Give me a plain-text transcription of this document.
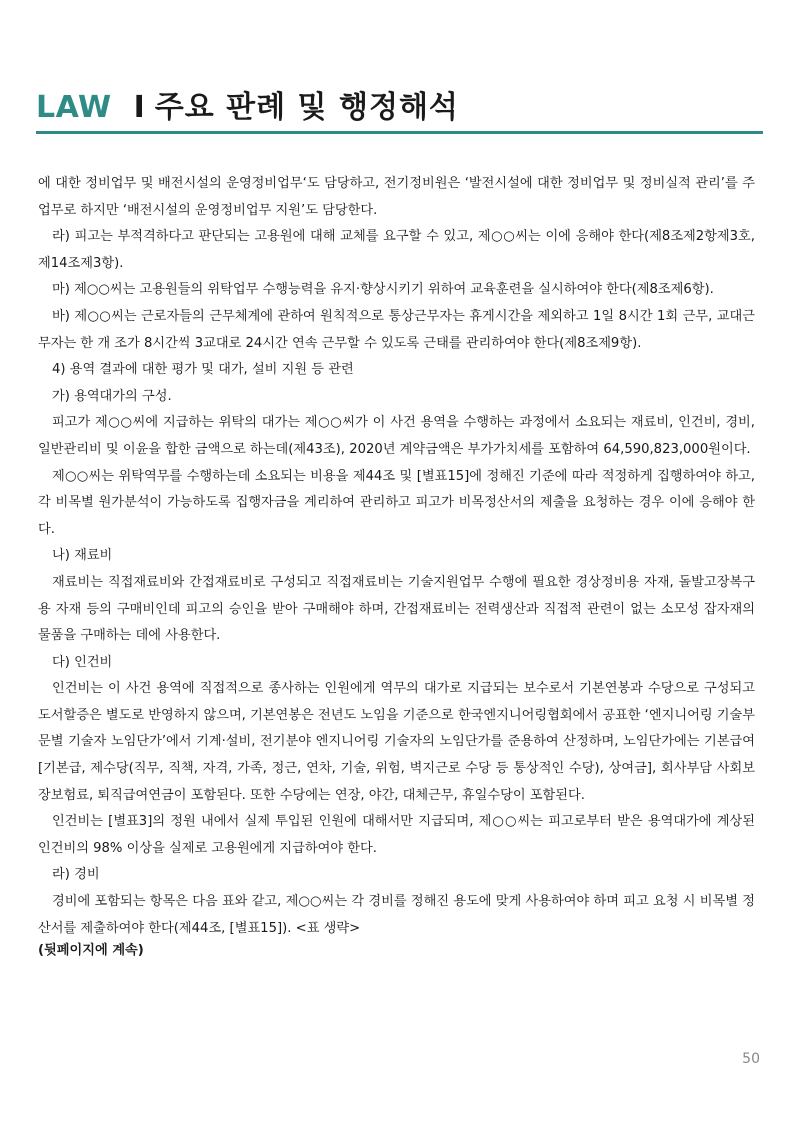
LAW I 주요 판례 및 행정해석

에 대한 정비업무 및 배전시설의 운영정비업무‘도 담당하고, 전기정비원은 ‘발전시설에 대한 정비업무 및 정비실적 관리’를 주 업무로 하지만 ‘배전시설의 운영정비업무 지원’도 담당한다.

라) 피고는 부적격하다고 판단되는 고용원에 대해 교체를 요구할 수 있고, 제○○씨는 이에 응해야 한다(제8조제2항제3호, 제14조제3항).

마) 제○○씨는 고용원들의 위탁업무 수행능력을 유지·향상시키기 위하여 교육훈련을 실시하여야 한다(제8조제6항).

바) 제○○씨는 근로자들의 근무체계에 관하여 원칙적으로 통상근무자는 휴게시간을 제외하고 1일 8시간 1회 근무, 교대근무자는 한 개 조가 8시간씩 3교대로 24시간 연속 근무할 수 있도록 근태를 관리하여야 한다(제8조제9항).

4) 용역 결과에 대한 평가 및 대가, 설비 지원 등 관련

가) 용역대가의 구성.

피고가 제○○씨에 지급하는 위탁의 대가는 제○○씨가 이 사건 용역을 수행하는 과정에서 소요되는 재료비, 인건비, 경비, 일반관리비 및 이윤을 합한 금액으로 하는데(제43조), 2020년 계약금액은 부가가치세를 포함하여 64,590,823,000원이다.

제○○씨는 위탁역무를 수행하는데 소요되는 비용을 제44조 및 [별표15]에 정해진 기준에 따라 적정하게 집행하여야 하고, 각 비목별 원가분석이 가능하도록 집행자금을 계리하여 관리하고 피고가 비목정산서의 제출을 요청하는 경우 이에 응해야 한다.

나) 재료비

재료비는 직접재료비와 간접재료비로 구성되고 직접재료비는 기술지원업무 수행에 필요한 경상정비용 자재, 돌발고장복구용 자재 등의 구매비인데 피고의 승인을 받아 구매해야 하며, 간접재료비는 전력생산과 직접적 관련이 없는 소모성 잡자재의 물품을 구매하는 데에 사용한다.

다) 인건비

인건비는 이 사건 용역에 직접적으로 종사하는 인원에게 역무의 대가로 지급되는 보수로서 기본연봉과 수당으로 구성되고 도서할증은 별도로 반영하지 않으며, 기본연봉은 전년도 노임을 기준으로 한국엔지니어링협회에서 공표한 ‘엔지니어링 기술부문별 기술자 노임단가’에서 기계·설비, 전기분야 엔지니어링 기술자의 노임단가를 준용하여 산정하며, 노임단가에는 기본급여[기본급, 제수당(직무, 직책, 자격, 가족, 정근, 연차, 기술, 위험, 벽지근로 수당 등 통상적인 수당), 상여금], 회사부담 사회보장보험료, 퇴직급여연금이 포함된다. 또한 수당에는 연장, 야간, 대체근무, 휴일수당이 포함된다.

인건비는 [별표3]의 정원 내에서 실제 투입된 인원에 대해서만 지급되며, 제○○씨는 피고로부터 받은 용역대가에 계상된 인건비의 98% 이상을 실제로 고용원에게 지급하여야 한다.

라) 경비

경비에 포함되는 항목은 다음 표와 같고, 제○○씨는 각 경비를 정해진 용도에 맞게 사용하여야 하며 피고 요청 시 비목별 정산서를 제출하여야 한다(제44조, [별표15]). <표 생략>

(뒷페이지에 계속)

50
